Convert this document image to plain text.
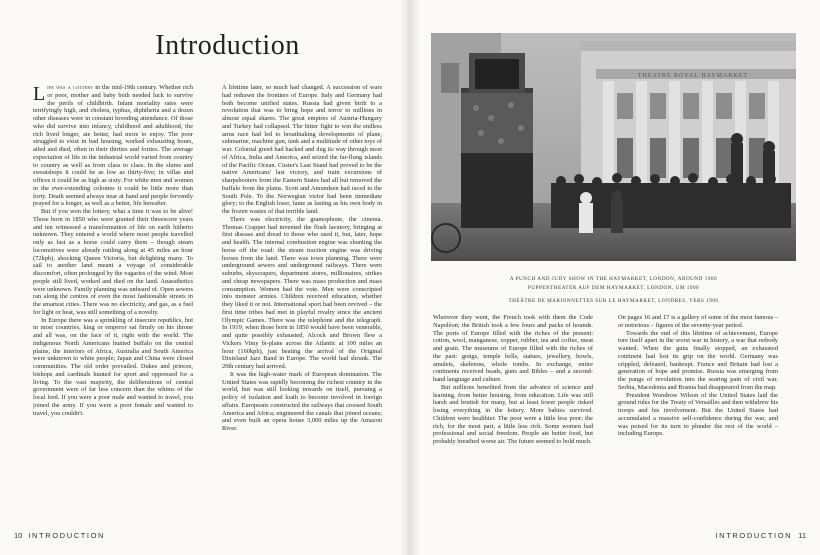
Introduction

Life was a lottery in the mid-19th century. Whether rich or poor, mother and baby both needed luck to survive the perils of childbirth. Infant mortality rates were terrifyingly high, and cholera, typhus, diphtheria and a dozen other diseases were in constant brooding attendance. Of those who did survive into infancy, childhood and adulthood, the rich lived longer, ate better, had more to enjoy. The poor struggled to exist in bad housing, worked exhausting hours, ailed and died, often in their thirties and forties. The average expectation of life in the industrial world varied from country to country as well as from class to class. In the slums and sweatshops it could be as low as thirty-five; in villas and offices it could be as high as sixty. For white men and women in the ever-extending colonies it could be little more than forty. Death seemed always near at hand and people fervently prayed for a longer, as well as a better, life hereafter.

But if you won the lottery, what a time it was to be alive! Those born in 1850 who were granted their threescore years and ten witnessed a transformation of life on earth hitherto unknown. They entered a world where most people travelled only as fast as a horse could carry them – though steam locomotives were already rattling along at 45 miles an hour (72kph), shocking Queen Victoria, but delighting many. To sail to another land meant a voyage of considerable discomfort, often prolonged by the vagaries of the wind. Most people still lived, worked and died on the land. Anaesthetics were unknown. Family planning was unheard of. Open sewers ran along the centres of even the most fashionable streets in the smartest cities. There was no electricity, and gas, as a fuel for light or heat, was still something of a novelty.

In Europe there was a sprinkling of insecure republics, but in most countries, king or emperor sat firmly on his throne and all was, on the face of it, right with the world. The indigenous North Americans hunted buffalo on the central plains; the interiors of Africa, Australia and South America were unknown to white people; Japan and China were closed communities. The old order prevailed. Dukes and princes, bishops and cardinals hunted for sport and oppressed for a living. To the vast majority, the deliberations of central government were of far less concern than the whims of the local lord. If you were a poor male and wanted to travel, you joined the army. If you were a poor female and wanted to travel, you couldn't.

A lifetime later, so much had changed. A succession of wars had redrawn the frontiers of Europe. Italy and Germany had both become unified states. Russia had given birth to a revolution that was to bring hope and terror to millions in almost equal shares. The great empires of Austria-Hungary and Turkey had collapsed. The bitter fight to win the endless arms race had led to breathtaking developments of plane, submarine, machine gun, tank and a multitude of other toys of war. Colonial greed had hacked and dug its way through most of Africa, India and America, and seized the far-flung islands of the Pacific Ocean. Custer's Last Stand had proved to be the native Americans' last victory, and train excursions of sharpshooters from the Eastern States had all but removed the buffalo from the plains. Scott and Amundsen had raced to the South Pole. To the Norwegian victor had been immediate glory; to the English loser, fame as lasting as his own body in the frozen wastes of that terrible land.

There was electricity, the gramophone, the cinema. Thomas Crapper had invented the flush lavatory, bringing at first disease and dread to those who used it, but, later, hope and health. The internal combustion engine was shunting the horse off the road: the steam traction engine was driving horses from the land. There was town planning. There were underground sewers and underground railways. There were suburbs, skyscrapers, department stores, millionaires, strikes and cheap newspapers. There was mass production and mass consumption. Women had the vote. Men were conscripted into monster armies. Children received education, whether they liked it or not. International sport had been revived – the first time tribes had met in playful rivalry since the ancient Olympic Games. There was the telephone and the telegraph. In 1919, when those born in 1850 would have been venerable, and quite possibly exhausted, Alcock and Brown flew a Vickers Vimy bi-plane across the Atlantic at 100 miles an hour (160kph), just beating the arrival of the Original Dixieland Jazz Band in Europe. The world had shrunk. The 20th century had arrived.

It was the high-water mark of European domination. The United States was rapidly becoming the richest country in the world, but was still looking inwards on itself, pursuing a policy of isolation and loath to become involved in foreign affairs. Europeans constructed the railways that crossed South America and Africa; engineered the canals that joined oceans; and even built an opera house 3,000 miles up the Amazon River.

10 INTRODUCTION
THEATRE ROYAL HAYMARKET
A PUNCH AND JUDY SHOW IN THE HAYMARKET, LONDON, AROUND 1900
PUPPENTHEATER AUF DEM HAYMARKET, LONDON, UM 1900
THÉÂTRE DE MARIONNETTES SUR LE HAYMARKET, LONDRES, VERS 1900

Wherever they went, the French took with them the Code Napoléon; the British took a few fours and packs of hounds. The ports of Europe filled with the riches of the present: cotton, wool, manganese, copper, rubber, tea and coffee, meat and grain. The museums of Europe filled with the riches of the past: gongs, temple bells, statues, jewellery, bowls, amulets, skeletons, whole tombs. In exchange, entire continents received beads, guns and Bibles – and a second-hand language and culture.

But millions benefited from the advance of science and learning, from better housing, from education. Life was still harsh and brutish for many, but at least fewer people risked losing everything in the lottery. More babies survived. Children were healthier. The poor were a little less poor; the rich, for the most part, a little less rich. Some women had professional and social freedom. People ate better food, but probably breathed worse air. The future seemed to hold much.

On pages 16 and 17 is a gallery of some of the most famous – or notorious – figures of the seventy-year period.

Towards the end of this lifetime of achievement, Europe tore itself apart in the worst war in history, a war that nobody wanted. When the guns finally stopped, an exhausted continent had lost its grip on the world. Germany was crippled, defeated, bankrupt. France and Britain had lost a generation of hope and promise. Russia was emerging from the pangs of revolution into the searing pain of civil war. Serbia, Macedonia and Bosnia had disappeared from the map.

President Woodrow Wilson of the United States laid the ground rules for the Treaty of Versailles and then withdrew his troops and his involvement. But the United States had accumulated a massive self-confidence during the war, and was poised for its turn to plunder the rest of the world – including Europe.

INTRODUCTION 11
